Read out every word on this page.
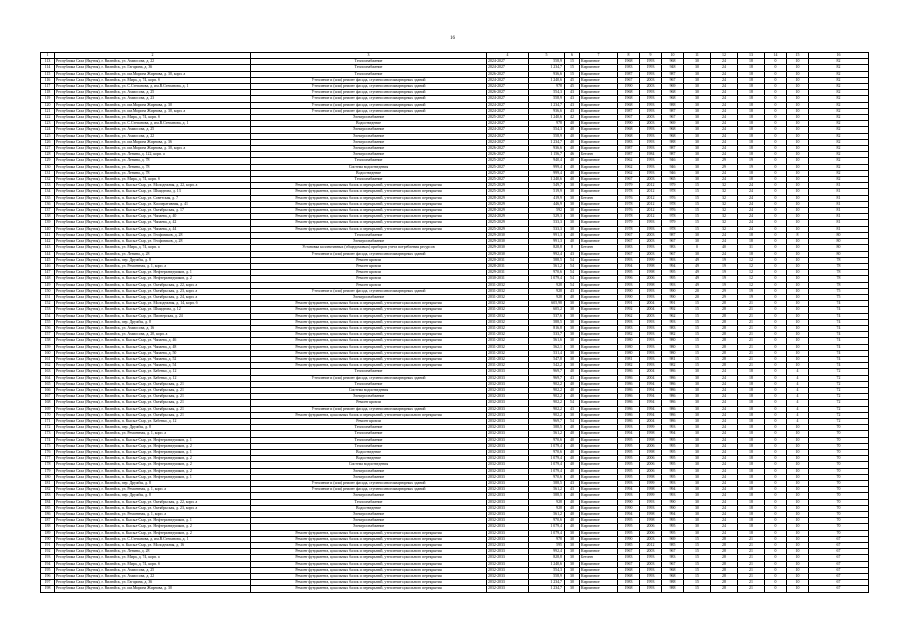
16
1	2	3	4	5	6	7	8	9	10	11	12	13	14	15	16
113	Республика Саха (Якутия), г. Вилюйск, ул. Аммосова, д. 22	Теплоснабжение	2024-2027	558,9	15	Кирпичное	1968	1993	968	30	24	18	0	10	82
114	Республика Саха (Якутия), г. Вилюйск, ул. Гагарина, д. 36	Теплоснабжение	2024-2027	1 234,7	15	Кирпичное	1983	1993	948	30	24	18	0	10	82
115	Республика Саха (Якутия), г. Вилюйск, ул. им.Мирона Жирнова, д. 30, корп. а	Теплоснабжение	2026-2027	936,6	15	Кирпичное	1987	1993	987	30	24	18	0	10	82
116	Республика Саха (Якутия), г. Вилюйск, ул. Мира, д. 74, корп. б	Утепление и (или) ремонт фасада, ступени многоквартирных зданий	2024-2027	1 240,6	45	Кирпичное	1967	2003	967	30	24	18	0	10	82
117	Республика Саха (Якутия), г. Вилюйск, ул. С.Степанова, д. им.В.Степанова, д. 1	Утепление и (или) ремонт фасада, ступени многоквартирных зданий	2024-2027	978	45	Кирпичное	1990	2003	969	30	24	18	0	10	82
118	Республика Саха (Якутия), г. Вилюйск, ул. Аммосова, д. 25	Утепление и (или) ремонт фасада, ступени многоквартирных зданий	2026-2027	554,3	43	Кирпичное	1968	1993	968	30	24	18	0	10	82
119	Республика Саха (Якутия), г. Вилюйск, ул. Аммосова, д. 23	Утепление и (или) ремонт фасада, ступени многоквартирных зданий	2024-2027	558,9	43	Кирпичное	1968	1993	968	30	24	18	0	10	82
120	Республика Саха (Якутия), г. Вилюйск, ул. им.Мирона Жирнова, д. 30	Утепление и (или) ремонт фасада, ступени многоквартирных зданий	2024-2027	1 234,7	43	Кирпичное	1968	1993	988	30	24	18	0	10	82
121	Республика Саха (Якутия), г. Вилюйск, ул. им.Мирона Жирнова, д. 30, корп. а	Утепление и (или) ремонт фасада, ступени многоквартирных зданий	2024-2027	936,6	43	Кирпичное	1987	1993	987	30	24	18	0	10	82
122	Республика Саха (Якутия), г. Вилюйск, ул. Мира, д. 74, корп. б	Электроснабжение	2025-2027	1 240,6	42	Кирпичное	1967	2003	967	30	24	18	0	10	82
123	Республика Саха (Якутия), г. Вилюйск, ул. С.Степанова, д. им.В.Степанова, д. 1	Водоотведение	2024-2027	978	40	Кирпичное	1990	2003	969	30	24	18	0	10	82
124	Республика Саха (Якутия), г. Вилюйск, ул. Аммосова, д. 25	Электроснабжение	2024-2027	554,3	40	Кирпичное	1968	1993	968	30	24	18	0	10	82
125	Республика Саха (Якутия), г. Вилюйск, ул. Аммосова, д. 22	Электроснабжение	2024-2027	558,9	40	Кирпичное	1968	1993	968	30	24	18	0	10	82
126	Республика Саха (Якутия), г. Вилюйск, ул. им.Мирона Жирнова, д. 36	Электроснабжение	2024-2027	1 234,7	40	Кирпичное	1983	1993	988	30	24	18	0	10	82
127	Республика Саха (Якутия), г. Вилюйск, ул. им.Мирона Жирнова, д. 30, корп. а	Электроснабжение	2026-2027	936,6	40	Кирпичное	1987	1993	987	30	24	18	0	10	82
128	Республика Саха (Якутия), г. Вилюйск, ул. Ленина, д. 122, корп. а	Электроснабжение	2026-2027	1 156,7	46	Бетонн	1987	1984	987	30	24	18	0	10	82
129	Республика Саха (Якутия), г. Вилюйск, ул. Ленина, д. 78	Теплоснабжение	2025-2027	940,4	40	Кирпичное	1962	1993	946	30	29	19	0	10	82
130	Республика Саха (Якутия), г. Вилюйск, ул. Ленина, д. 78	Система водоотведения	2025-2027	999,4	40	Кирпичное	1962	1993	946	30	29	19	0	10	82
131	Республика Саха (Якутия), г. Вилюйск, ул. Ленина, д. 78	Водоотведение	2025-2027	999,4	40	Кирпичное	1962	1993	946	30	24	18	0	10	82
132	Республика Саха (Якутия), г. Вилюйск, ул. Мира, д. 74, корп. б	Теплоснабжение	2025-2027	1 240,6	40	Кирпичное	1967	2003	965	30	24	18	0	10	82
133	Республика Саха (Якутия), г. Вилюйск, п. Кысыл-Сыр, ул. Молодежная, д. 22, корп. а	Ремонт фундамента, цокольных балок и перекрытий, утепление цокольного перекрытия	2025-2029	549,7	30	Кирпичное	1979	2012	979	15	32	24	0	10	81
134	Республика Саха (Якутия), г. Вилюйск, п. Кысыл-Сыр, ул. Шмидтова, д. 13	Ремонт фундамента, цокольных балок и перекрытий, утепление цокольного перекрытия	2025-2029	519,9	30	Кирпичное	1978	2012	978	15	32	24	0	10	81
135	Республика Саха (Якутия), г. Вилюйск, п. Кысыл-Сыр, ул. Советская, д. 7	Ремонт фундамента, цокольных балок и перекрытий, утепление цокольного перекрытия	2028-2029	419,9	30	Бетонн	1976	2012	976	15	32	24	0	10	81
136	Республика Саха (Якутия), г. Вилюйск, п. Кысыл-Сыр, ул. Кооперативная, д. 41	Ремонт фундамента, цокольных балок и перекрытий, утепление цокольного перекрытия	2025-2029	446,9	30	Кирпичное	1978	2012	978	15	32	24	0	10	81
137	Республика Саха (Якутия), г. Вилюйск, п. Кысыл-Сыр, ул. Октябрьская, д. 17	Ремонт фундамента, цокольных балок и перекрытий, утепление цокольного перекрытия	2028-2029	592	30	Кирпичное	1976	2012	976	15	32	24	0	10	81
138	Республика Саха (Якутия), г. Вилюйск, п. Кысыл-Сыр, ул. Чапаева, д. 40	Ремонт фундамента, цокольных балок и перекрытий, утепление цокольного перекрытия	2024-2029	529,3	30	Кирпичное	1978	2012	978	15	32	24	0	10	81
139	Республика Саха (Якутия), г. Вилюйск, п. Кысыл-Сыр, ул. Чапаева, д. 42	Ремонт фундамента, цокольных балок и перекрытий, утепление цокольного перекрытия	2025-2029	533,3	30	Кирпичное	1979	1993	979	15	32	24	0	10	81
140	Республика Саха (Якутия), г. Вилюйск, п. Кысыл-Сыр, ул. Чапаева, д. 44	Ремонт фундамента, цокольных балок и перекрытий, утепление цокольного перекрытия	2025-2029	533,3	30	Кирпичное	1978	1993	978	15	32	24	0	10	81
141	Республика Саха (Якутия), г. Вилюйск, п. Кысыл-Сыр, ул. Геофизиков, д. 28	Теплоснабжение	2029-2030	991,3	40	Кирпичное	1967	2003	987	30	24	18	0	8	80
142	Республика Саха (Якутия), г. Вилюйск, п. Кысыл-Сыр, ул. Геофизиков, д. 28	Электроснабжение	2029-2030	991,3	40	Кирпичное	1967	2003	967	30	24	18	0	10	80
143	Республика Саха (Якутия), г. Вилюйск, ул. Мира, д. 74, корп. а	Установка коллективных (общедомовых) приборов учета потребления ресурсов	2029-2030	828,8	0	Бетонн	1983	1993	983	0	40	31	0	10	80
144	Республика Саха (Якутия), г. Вилюйск, ул. Ленина, д. 28	Утепление и (или) ремонт фасада, ступени многоквартирных зданий	2029-2030	992,4	43	Кирпичное	1967	2003	967	30	24	18	0	10	80
145	Республика Саха (Якутия), г. Вилюйск, пер. Дружбы, д. 8	Ремонт кровли	2020-2031	588,5	54	Кирпичное	1993	1999	993	49	19	12	0	10	78
146	Республика Саха (Якутия), г. Вилюйск, ул. Ремонтная, д. 1, корп. а	Ремонт кровли	2028-2031	561,2	54	Кирпичное	1994	1998	994	49	19	12	0	10	78
147	Республика Саха (Якутия), г. Вилюйск, п. Кысыл-Сыр, ул. Нефтеразведчиков, д. 1	Ремонт кровли	2029-2031	970,6	54	Кирпичное	1995	1998	995	49	19	12	0	10	78
148	Республика Саха (Якутия), г. Вилюйск, п. Кысыл-Сыр, ул. Нефтеразведчиков, д. 2	Ремонт кровли	2030-2031	1 079,4	54	Кирпичное	1996	2006	995	49	19	12	0	10	78
149	Республика Саха (Якутия), г. Вилюйск, п. Кысыл-Сыр, ул. Октябрьская, д. 22, корп. а	Ремонт кровли	2031-2032	928	54	Кирпичное	1993	1998	993	49	19	12	0	10	78
150	Республика Саха (Якутия), г. Вилюйск, п. Кысыл-Сыр, ул. Октябрьская, д. 23, корп. а	Утепление и (или) ремонт фасада, ступени многоквартирных зданий	2031-2032	928	43	Кирпичное	1990	1993	990	20	29	19	0	10	75
151	Республика Саха (Якутия), г. Вилюйск, п. Кысыл-Сыр, ул. Октябрьская, д. 24, корп. а	Электроснабжение	2031-2032	928	40	Кирпичное	1990	1993	990	20	29	19	0	10	75
152	Республика Саха (Якутия), г. Вилюйск, п. Кысыл-Сыр, ул. Молодежная, д. 14, корп. б	Ремонт фундамента, цокольных балок и перекрытий, утепление цокольного перекрытия	2031-2032	605,98	30	Кирпичное	1991	2004	991	15	28	21	0	10	74
153	Республика Саха (Якутия), г. Вилюйск, п. Кысыл-Сыр, ул. Шмидтова, д. 12	Ремонт фундамента, цокольных балок и перекрытий, утепление цокольного перекрытия	2031-2032	605,2	30	Кирпичное	1992	2004	992	15	28	21	0	10	74
154	Республика Саха (Якутия), г. Вилюйск, п. Кысыл-Сыр, ул. Пионерская, д. 24	Ремонт фундамента, цокольных балок и перекрытий, утепление цокольного перекрытия	2031-2032	537,6	30	Кирпичное	1962	2003	962	15	28	21	0	10	74
155	Республика Саха (Якутия), г. Вилюйск, пер. Дружбы, д. 8	Ремонт фундамента, цокольных балок и перекрытий, утепление цокольного перекрытия	2031-2032	588,5	30	Кирпичное	1993	1993	993	15	28	21	0	10	74
156	Республика Саха (Якутия), г. Вилюйск, ул. Аммосова, д. 16	Ремонт фундамента, цокольных балок и перекрытий, утепление цокольного перекрытия	2031-2032	816,8	30	Кирпичное	1983	1993	983	15	28	21	0	10	74
157	Республика Саха (Якутия), г. Вилюйск, ул. Аммосова, д. 20, корп. а	Ремонт фундамента, цокольных балок и перекрытий, утепление цокольного перекрытия	2031-2032	533,7	30	Кирпичное	1982	1993	982	15	28	21	0	10	74
158	Республика Саха (Якутия), г. Вилюйск, п. Кысыл-Сыр, ул. Чапаева, д. 46	Ремонт фундамента, цокольных балок и перекрытий, утепление цокольного перекрытия	2031-2032	561,6	30	Кирпичное	1980	1993	980	15	28	21	0	10	74
159	Республика Саха (Якутия), г. Вилюйск, п. Кысыл-Сыр, ул. Чапаева, д. 48	Ремонт фундамента, цокольных балок и перекрытий, утепление цокольного перекрытия	2031-2032	562,1	30	Кирпичное	1980	1993	980	15	28	21	0	10	74
160	Республика Саха (Якутия), г. Вилюйск, п. Кысыл-Сыр, ул. Чапаева, д. 50	Ремонт фундамента, цокольных балок и перекрытий, утепление цокольного перекрытия	2031-2032	531,4	30	Кирпичное	1980	1993	980	15	28	21	0	10	74
161	Республика Саха (Якутия), г. Вилюйск, п. Кысыл-Сыр, ул. Чапаева, д. 52	Ремонт фундамента, цокольных балок и перекрытий, утепление цокольного перекрытия	2031-2032	547,8	30	Кирпичное	1981	1993	981	15	28	21	0	10	74
162	Республика Саха (Якутия), г. Вилюйск, п. Кысыл-Сыр, ул. Чапаева, д. 54	Ремонт фундамента, цокольных балок и перекрытий, утепление цокольного перекрытия	2031-2032	542,2	30	Кирпичное	1982	1993	982	15	28	21	0	10	74
163	Республика Саха (Якутия), г. Вилюйск, п. Кысыл-Сыр, ул. Бабенко, д. 12	Теплоснабжение	2032-2033	969,7	40	Кирпичное	1986	2004	986	30	24	18	0	4	72
164	Республика Саха (Якутия), г. Вилюйск, п. Кысыл-Сыр, ул. Бабенко, д. 12	Утепление и (или) ремонт фасада, ступени многоквартирных зданий	2032-2033	969,7	43	Кирпичное	1986	2004	986	30	24	18	0	4	72
165	Республика Саха (Якутия), г. Вилюйск, п. Кысыл-Сыр, ул. Октябрьская, д. 21	Теплоснабжение	2032-2033	902,2	40	Кирпичное	1986	1994	986	30	24	18	0	4	72
166	Республика Саха (Якутия), г. Вилюйск, п. Кысыл-Сыр, ул. Октябрьская, д. 21	Система водоотведения	2032-2033	902,2	40	Кирпичное	1986	1994	986	30	24	18	0	4	72
167	Республика Саха (Якутия), г. Вилюйск, п. Кысыл-Сыр, ул. Октябрьская, д. 21	Электроснабжение	2032-2033	902,2	40	Кирпичное	1986	1994	986	30	24	18	0	4	72
168	Республика Саха (Якутия), г. Вилюйск, п. Кысыл-Сыр, ул. Октябрьская, д. 21	Ремонт кровли	2032-2033	902,2	54	Кирпичное	1986	1994	986	30	24	18	0	4	72
169	Республика Саха (Якутия), г. Вилюйск, п. Кысыл-Сыр, ул. Октябрьская, д. 21	Утепление и (или) ремонт фасада, ступени многоквартирных зданий	2032-2033	902,2	43	Кирпичное	1986	1994	986	30	24	18	0	4	72
170	Республика Саха (Якутия), г. Вилюйск, п. Кысыл-Сыр, ул. Октябрьская, д. 21	Ремонт фундамента, цокольных балок и перекрытий, утепление цокольного перекрытия	2032-2033	902,2	30	Кирпичное	1986	1994	986	30	24	18	0	4	72
171	Республика Саха (Якутия), г. Вилюйск, п. Кысыл-Сыр, ул. Бабенко, д. 12	Ремонт кровли	2032-2033	969,7	54	Кирпичное	1986	2004	986	30	24	18	0	4	72
172	Республика Саха (Якутия), г. Вилюйск, пер. Дружбы, д. 8	Теплоснабжение	2032-2033	588,5	40	Кирпичное	1993	1999	993	30	24	18	0	10	70
173	Республика Саха (Якутия), г. Вилюйск, ул. Ремонтная, д. 1, корп. а	Теплоснабжение	2032-2033	561,2	40	Кирпичное	1994	1998	994	30	24	18	0	10	70
174	Республика Саха (Якутия), г. Вилюйск, п. Кысыл-Сыр, ул. Нефтеразведчиков, д. 1	Теплоснабжение	2032-2033	970,6	40	Кирпичное	1995	1998	995	30	24	18	0	10	70
175	Республика Саха (Якутия), г. Вилюйск, п. Кысыл-Сыр, ул. Нефтеразведчиков, д. 2	Теплоснабжение	2032-2033	1 079,4	40	Кирпичное	1995	2006	995	30	24	18	0	10	70
176	Республика Саха (Якутия), г. Вилюйск, п. Кысыл-Сыр, ул. Нефтеразведчиков, д. 1	Водоотведение	2032-2033	970,6	40	Кирпичное	1995	1998	995	30	24	18	0	10	70
177	Республика Саха (Якутия), г. Вилюйск, п. Кысыл-Сыр, ул. Нефтеразведчиков, д. 2	Водоотведение	2032-2033	1 079,4	40	Кирпичное	1995	2006	995	30	24	18	0	10	70
178	Республика Саха (Якутия), г. Вилюйск, п. Кысыл-Сыр, ул. Нефтеразведчиков, д. 2	Система водоотведения	2032-2033	1 079,4	40	Кирпичное	1995	2006	995	30	24	18	0	10	70
179	Республика Саха (Якутия), г. Вилюйск, п. Кысыл-Сыр, ул. Нефтеразведчиков, д. 2	Электроснабжение	2032-2033	1 079,4	40	Кирпичное	1995	2006	995	30	24	18	0	10	70
180	Республика Саха (Якутия), г. Вилюйск, п. Кысыл-Сыр, ул. Нефтеразведчиков, д. 1	Электроснабжение	2032-2033	970,6	40	Кирпичное	1995	1998	995	30	24	18	0	10	70
181	Республика Саха (Якутия), г. Вилюйск, пер. Дружбы, д. 8	Утепление и (или) ремонт фасада, ступени многоквартирных зданий	2032-2033	588,5	43	Кирпичное	1993	1999	993	30	24	18	0	10	70
182	Республика Саха (Якутия), г. Вилюйск, ул. Ремонтная, д. 1, корп. а	Утепление и (или) ремонт фасада, ступени многоквартирных зданий	2032-2033	561,2	43	Кирпичное	1994	1998	994	30	24	18	0	10	70
183	Республика Саха (Якутия), г. Вилюйск, пер. Дружбы, д. 8	Электроснабжение	2032-2033	588,5	40	Кирпичное	1993	1999	993	30	24	18	0	10	70
184	Республика Саха (Якутия), г. Вилюйск, п. Кысыл-Сыр, ул. Октябрьская, д. 22, корп. а	Теплоснабжение	2032-2033	928	40	Кирпичное	1990	1993	990	30	24	18	0	10	70
185	Республика Саха (Якутия), г. Вилюйск, п. Кысыл-Сыр, ул. Октябрьская, д. 23, корп. а	Водоотведение	2032-2033	928	40	Кирпичное	1990	1993	990	30	24	18	0	10	70
186	Республика Саха (Якутия), г. Вилюйск, ул. Ремонтная, д. 1, корп. а	Электроснабжение	2032-2033	561,2	40	Кирпичное	1994	1998	994	30	24	18	0	10	70
187	Республика Саха (Якутия), г. Вилюйск, п. Кысыл-Сыр, ул. Нефтеразведчиков, д. 1	Электроснабжение	2032-2033	970,6	40	Кирпичное	1995	1998	995	30	24	18	0	10	70
188	Республика Саха (Якутия), г. Вилюйск, п. Кысыл-Сыр, ул. Нефтеразведчиков, д. 2	Электроснабжение	2032-2033	1 079,4	40	Кирпичное	1995	2006	995	30	24	18	0	10	70
189	Республика Саха (Якутия), г. Вилюйск, п. Кысыл-Сыр, ул. Нефтеразведчиков, д. 2	Ремонт фундамента, цокольных балок и перекрытий, утепление цокольного перекрытия	2032-2033	1 079,4	30	Кирпичное	1995	2006	995	30	24	18	0	10	70
190	Республика Саха (Якутия), г. Вилюйск, ул. С.Степанова, д. им.В.Степанова, д. 1	Ремонт фундамента, цокольных балок и перекрытий, утепление цокольного перекрытия	2032-2033	978	30	Кирпичное	1990	2003	969	15	28	21	0	10	67
191	Республика Саха (Якутия), г. Вилюйск, п. Кысыл-Сыр, ул. Молодежная, д. 16	Ремонт фундамента, цокольных балок и перекрытий, утепление цокольного перекрытия	2032-2033	595	30	Кирпичное	1985	2012	985	15	28	21	0	10	67
192	Республика Саха (Якутия), г. Вилюйск, ул. Ленина, д. 28	Ремонт фундамента, цокольных балок и перекрытий, утепление цокольного перекрытия	2032-2033	992,4	30	Кирпичное	1967	2003	967	15	28	21	0	10	67
193	Республика Саха (Якутия), г. Вилюйск, ул. Мира, д. 74, корп. а	Ремонт фундамента, цокольных балок и перекрытий, утепление цокольного перекрытия	2032-2033	828,8	30	Бетонн	1983	1993	983	15	28	21	0	10	67
194	Республика Саха (Якутия), г. Вилюйск, ул. Мира, д. 74, корп. б	Ремонт фундамента, цокольных балок и перекрытий, утепление цокольного перекрытия	2032-2033	1 240,6	30	Кирпичное	1967	2003	967	15	28	21	0	10	67
195	Республика Саха (Якутия), г. Вилюйск, ул. Аммосова, д. 25	Ремонт фундамента, цокольных балок и перекрытий, утепление цокольного перекрытия	2032-2033	554,3	30	Кирпичное	1968	1993	968	15	28	21	0	10	67
196	Республика Саха (Якутия), г. Вилюйск, ул. Аммосова, д. 22	Ремонт фундамента, цокольных балок и перекрытий, утепление цокольного перекрытия	2032-2033	558,9	30	Кирпичное	1968	1993	968	15	28	21	0	10	67
197	Республика Саха (Якутия), г. Вилюйск, ул. Гагарина, д. 36	Ремонт фундамента, цокольных балок и перекрытий, утепление цокольного перекрытия	2032-2033	1 234,7	30	Кирпичное	1983	1993	988	15	28	21	0	10	67
198	Республика Саха (Якутия), г. Вилюйск, ул. им.Мирона Жирнова, д. 30	Ремонт фундамента, цокольных балок и перекрытий, утепление цокольного перекрытия	2032-2033	1 234,7	30	Кирпичное	1968	1993	988	15	28	21	0	10	67
